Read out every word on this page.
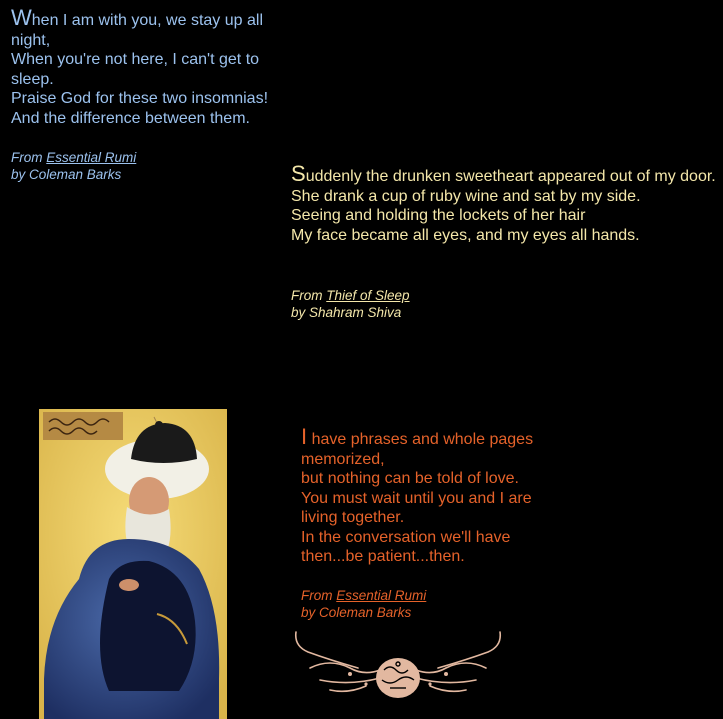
When I am with you, we stay up all night,

When you're not here, I can't get to sleep.

Praise God for these two insomnias!

And the difference between them.

From Essential Rumi
by Coleman Barks	Suddenly the drunken sweetheart appeared out of my door.

She drank a cup of ruby wine and sat by my side.

Seeing and holding the lockets of her hair

My face became all eyes, and my eyes all hands.

From Thief of Sleep
by Shahram Shiva

I have phrases and whole pages memorized,

but nothing can be told of love.

You must wait until you and I are living together.

In the conversation we'll have then...be patient...then.

From Essential Rumi
by Coleman Barks
